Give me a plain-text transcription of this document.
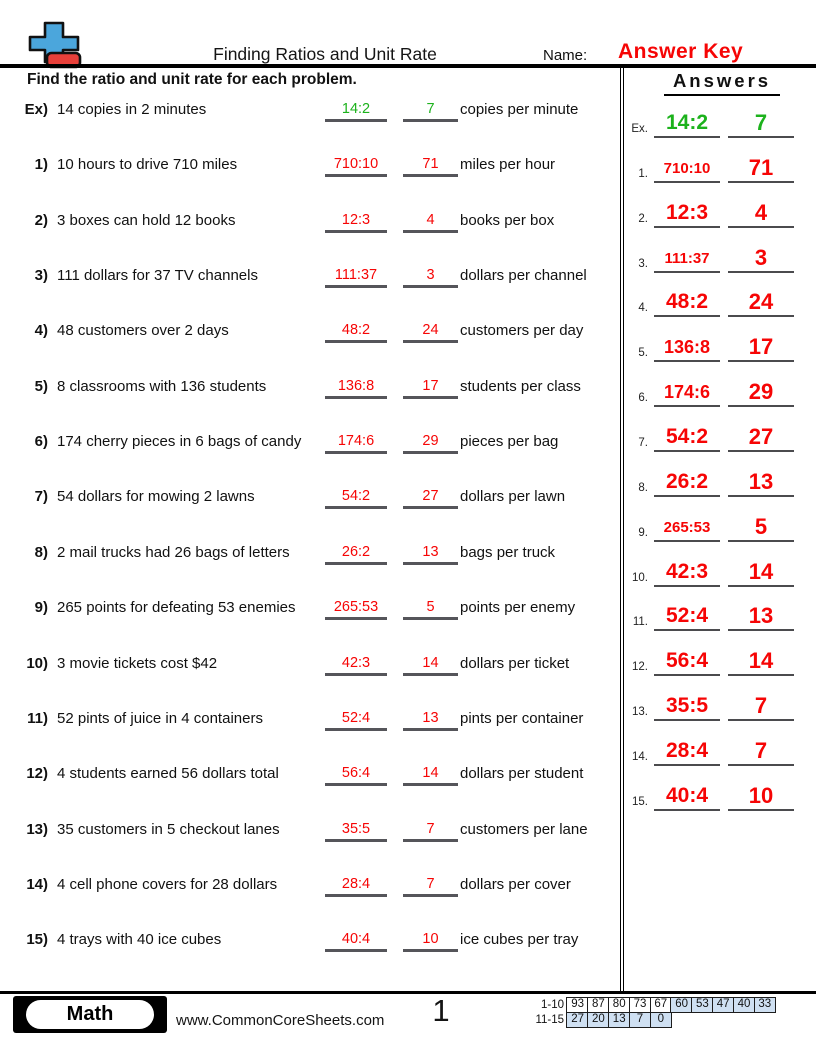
Finding Ratios and Unit Rate	Name: Answer Key
Find the ratio and unit rate for each problem.
Ex) 14 copies in 2 minutes	14:2	7	copies per minute
1) 10 hours to drive 710 miles	710:10	71	miles per hour
2) 3 boxes can hold 12 books	12:3	4	books per box
3) 111 dollars for 37 TV channels	111:37	3	dollars per channel
4) 48 customers over 2 days	48:2	24	customers per day
5) 8 classrooms with 136 students	136:8	17	students per class
6) 174 cherry pieces in 6 bags of candy	174:6	29	pieces per bag
7) 54 dollars for mowing 2 lawns	54:2	27	dollars per lawn
8) 2 mail trucks had 26 bags of letters	26:2	13	bags per truck
9) 265 points for defeating 53 enemies	265:53	5	points per enemy
10) 3 movie tickets cost $42	42:3	14	dollars per ticket
11) 52 pints of juice in 4 containers	52:4	13	pints per container
12) 4 students earned 56 dollars total	56:4	14	dollars per student
13) 35 customers in 5 checkout lanes	35:5	7	customers per lane
14) 4 cell phone covers for 28 dollars	28:4	7	dollars per cover
15) 4 trays with 40 ice cubes	40:4	10	ice cubes per tray
Answers
Ex. 14:2	7
1.	710:10	71
2. 12:3	4
3.	111:37	3
4. 48:2	24
5. 136:8	17
6. 174:6	29
7. 54:2	27
8. 26:2	13
9.	265:53	5
10. 42:3	14
11. 52:4	13
12. 56:4	14
13. 35:5	7
14. 28:4	7
15. 40:4	10
Math	www.CommonCoreSheets.com	1	1-10 93 87 80 73 67 60 53 47 40 33
11-15 27 20 13 7	0
